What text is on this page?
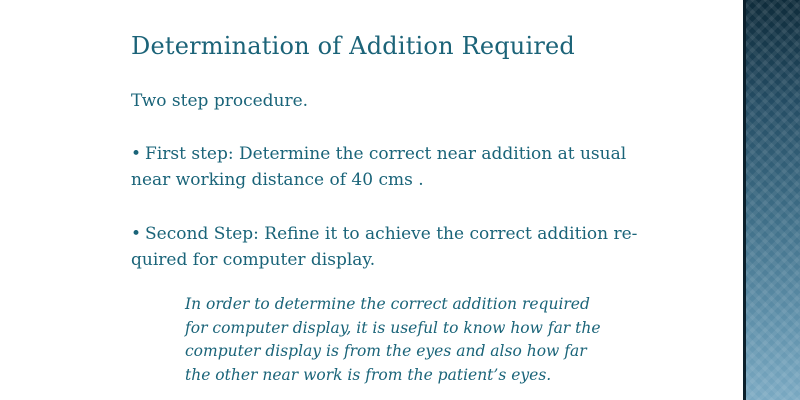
Determination of Addition Required
Two step procedure.
• First step: Determine the correct near addition at usual
near working distance of 40 cms .
• Second Step: Refine it to achieve the correct addition re-
quired for computer display.
In order to determine the correct addition required
for computer display, it is useful to know how far the
computer display is from the eyes and also how far
the other near work is from the patient’s eyes.
